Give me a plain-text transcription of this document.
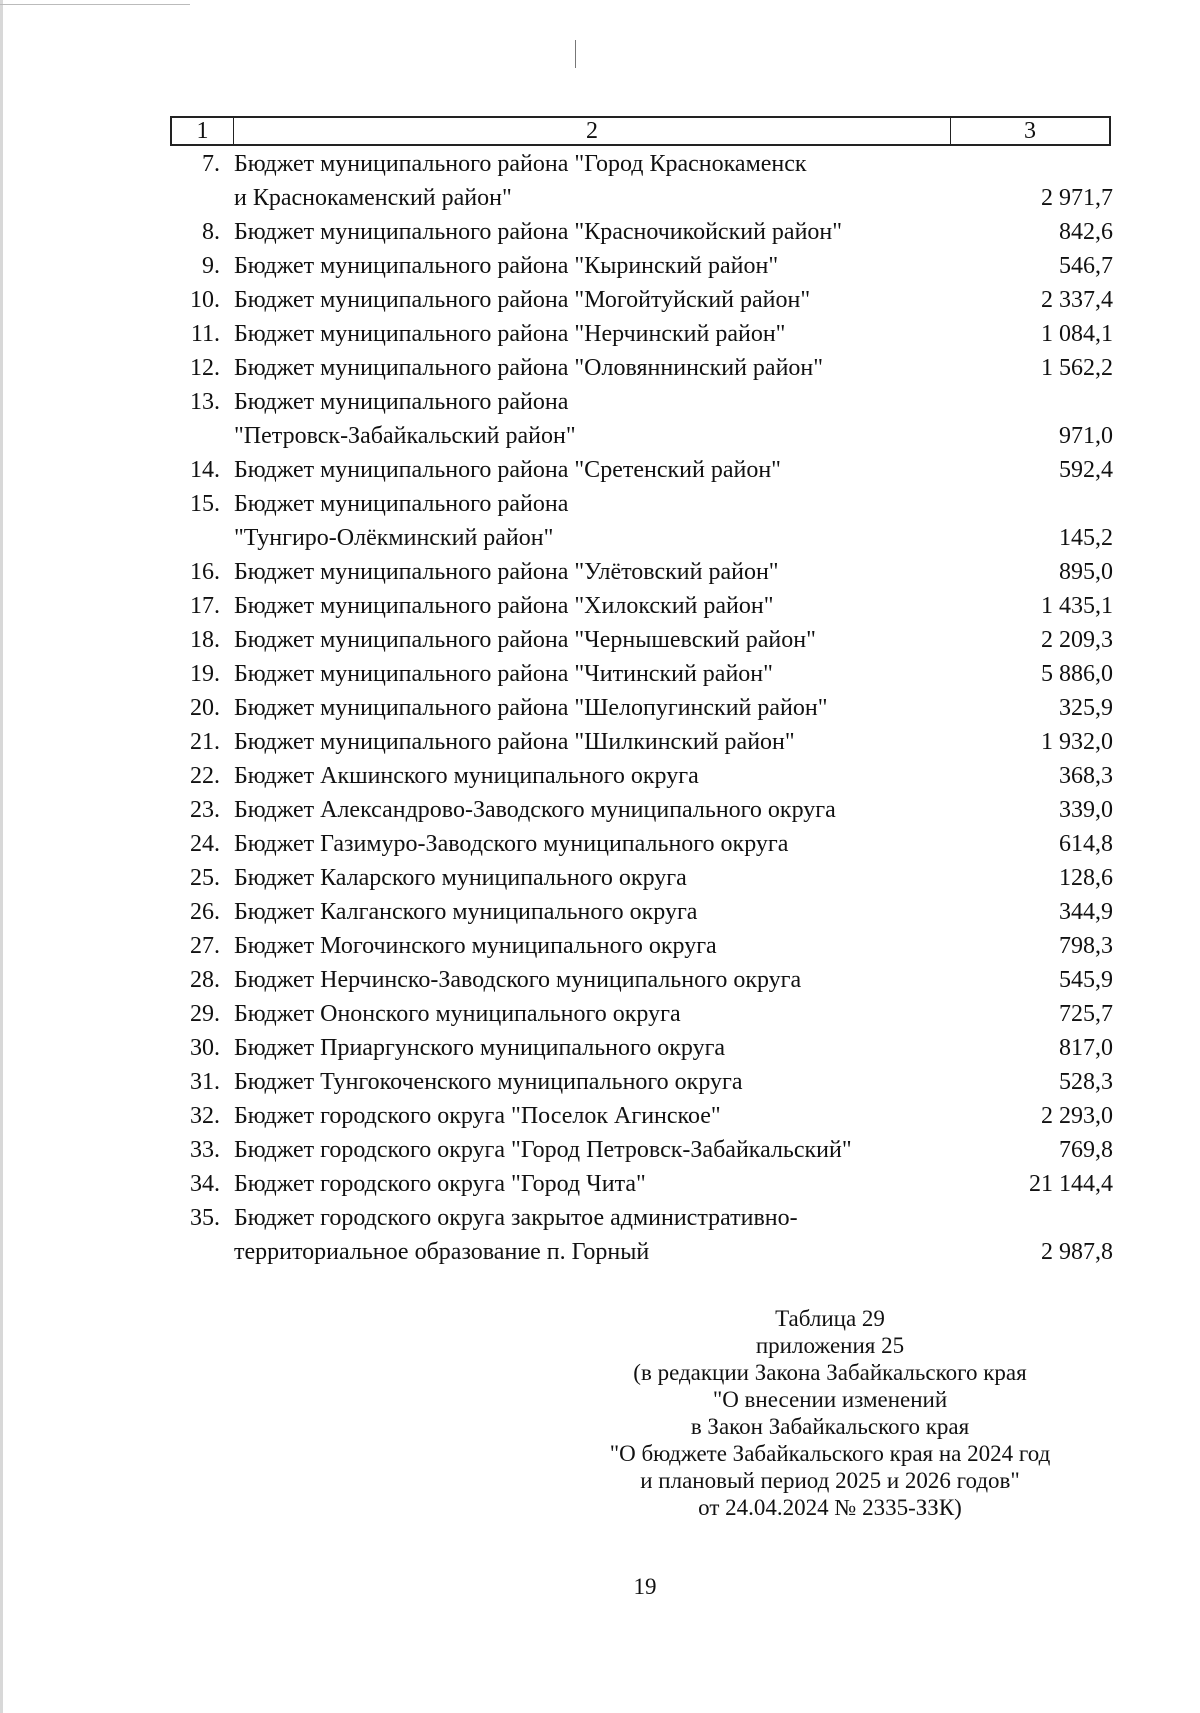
1	2	3
7. Бюджет муниципального района "Город Краснокаменск
и Краснокаменский район"	2 971,7
8. Бюджет муниципального района "Красночикойский район"	842,6
9. Бюджет муниципального района "Кыринский район"	546,7
10. Бюджет муниципального района "Могойтуйский район"	2 337,4
11. Бюджет муниципального района "Нерчинский район"	1 084,1
12. Бюджет муниципального района "Оловяннинский район"	1 562,2
13. Бюджет муниципального района
"Петровск-Забайкальский район"	971,0
14. Бюджет муниципального района "Сретенский район"	592,4
15. Бюджет муниципального района
"Тунгиро-Олёкминский район"	145,2
16. Бюджет муниципального района "Улётовский район"	895,0
17. Бюджет муниципального района "Хилокский район"	1 435,1
18. Бюджет муниципального района "Чернышевский район"	2 209,3
19. Бюджет муниципального района "Читинский район"	5 886,0
20. Бюджет муниципального района "Шелопугинский район"	325,9
21. Бюджет муниципального района "Шилкинский район"	1 932,0
22. Бюджет Акшинского муниципального округа	368,3
23. Бюджет Александрово-Заводского муниципального округа	339,0
24. Бюджет Газимуро-Заводского муниципального округа	614,8
25. Бюджет Каларского муниципального округа	128,6
26. Бюджет Калганского муниципального округа	344,9
27. Бюджет Могочинского муниципального округа	798,3
28. Бюджет Нерчинско-Заводского муниципального округа	545,9
29. Бюджет Ононского муниципального округа	725,7
30. Бюджет Приаргунского муниципального округа	817,0
31. Бюджет Тунгокоченского муниципального округа	528,3
32. Бюджет городского округа "Поселок Агинское"	2 293,0
33. Бюджет городского округа "Город Петровск-Забайкальский"	769,8
34. Бюджет городского округа "Город Чита"	21 144,4
35. Бюджет городского округа закрытое административно-
территориальное образование п. Горный	2 987,8
Таблица 29
приложения 25
(в редакции Закона Забайкальского края
"О внесении изменений
в Закон Забайкальского края
"О бюджете Забайкальского края на 2024 год
и плановый период 2025 и 2026 годов"
от 24.04.2024 № 2335-ЗЗК)
19
